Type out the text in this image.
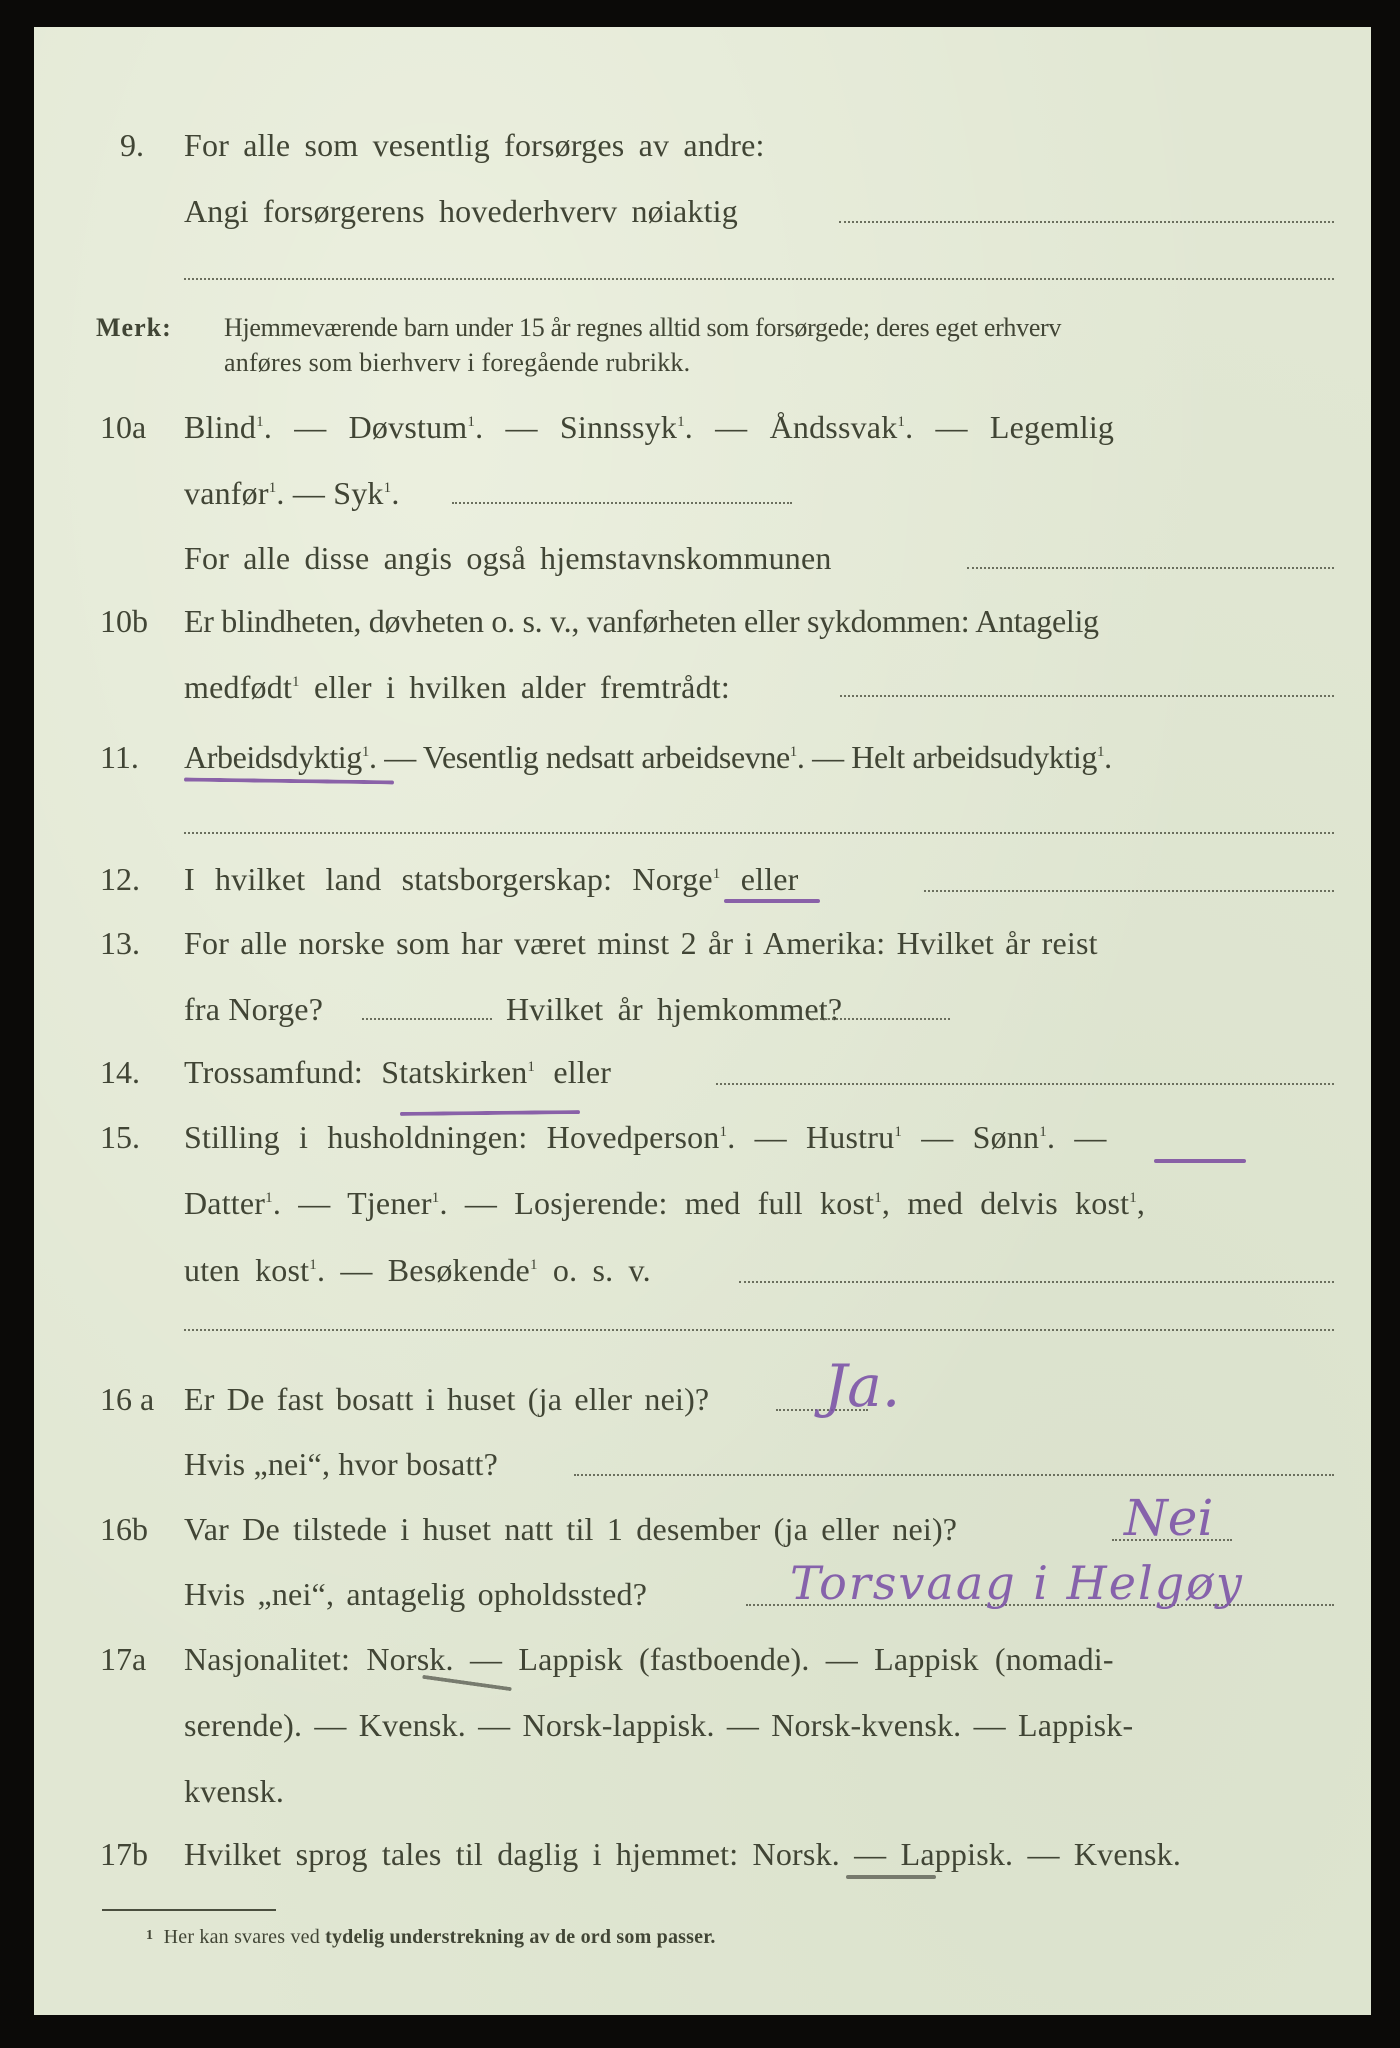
9. For alle som vesentlig forsørges av andre:
Angi forsørgerens hovederhverv nøiaktig
Merk: Hjemmeværende barn under 15 år regnes alltid som forsørgede; deres eget erhverv
anføres som bierhverv i foregående rubrikk.
10a Blind$^1$. — Døvstum$^1$. — Sinnssyk$^1$. — Åndssvak$^1$. — Legemlig
vanfør$^1$. — Syk$^1$.
For alle disse angis også hjemstavnskommunen
10b Er blindheten, døvheten o. s. v., vanførheten eller sykdommen: Antagelig
medfødt$^1$ eller i hvilken alder fremtrådt:
11. Arbeidsdyktig$^1$. — Vesentlig nedsatt arbeidsevne$^1$. — Helt arbeidsudyktig$^1$.
12. I hvilket land statsborgerskap: Norge$^1$ eller
13. For alle norske som har været minst 2 år i Amerika: Hvilket år reist
fra Norge?	Hvilket år hjemkommet?
14. Trossamfund: Statskirken$^1$ eller
15. Stilling i husholdningen: Hovedperson$^1$. — Hustru$^1$ — Sønn$^1$. —
Datter$^1$. — Tjener$^1$. — Losjerende: med full kost$^1$, med delvis kost$^1$,
uten kost$^1$. — Besøkende$^1$ o. s. v.
16 a Er De fast bosatt i huset (ja eller nei)? Ja.
Hvis „nei“, hvor bosatt?
16b Var De tilstede i huset natt til 1 desember (ja eller nei)?	Nei
Hvis „nei“, antagelig opholdssted?	Torsvaag i Helgøy
17a Nasjonalitet: Norsk. — Lappisk (fastboende). — Lappisk (nomadi-
serende). — Kvensk. — Norsk-lappisk. — Norsk-kvensk. — Lappisk-
kvensk.
17b Hvilket sprog tales til daglig i hjemmet: Norsk. — Lappisk. — Kvensk.
$^1$ Her kan svares ved tydelig understrekning av de ord som passer.
